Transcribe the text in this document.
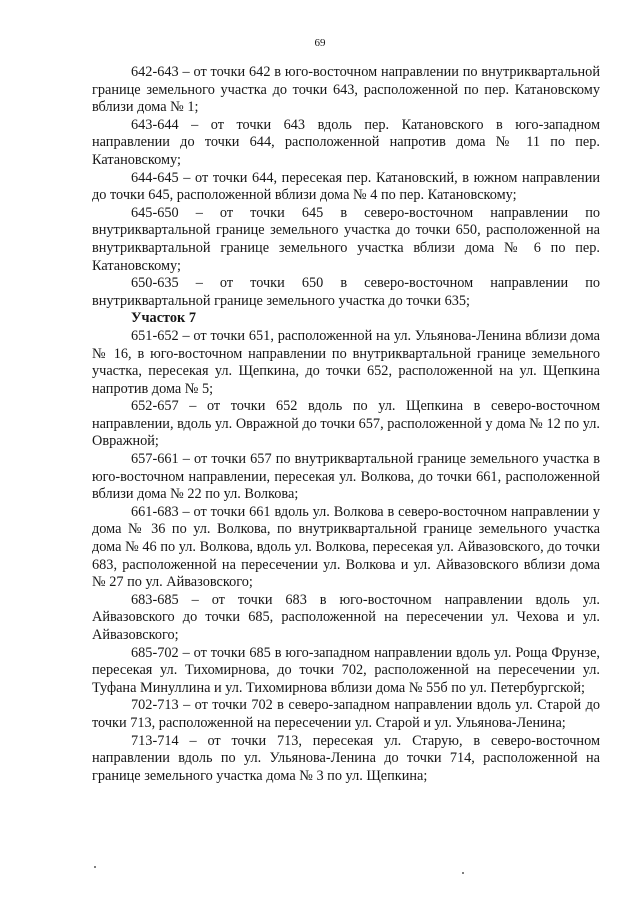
69

642-643 – от точки 642 в юго-восточном направлении по внутриквартальной границе земельного участка до точки 643, расположенной по пер. Катановскому вблизи дома № 1;

643-644 – от точки 643 вдоль пер. Катановского в юго-западном направлении до точки 644, расположенной напротив дома № 11 по пер. Катановскому;

644-645 – от точки 644, пересекая пер. Катановский, в южном направлении до точки 645, расположенной вблизи дома № 4 по пер. Катановскому;

645-650 – от точки 645 в северо-восточном направлении по внутриквартальной границе земельного участка до точки 650, расположенной на внутриквартальной границе земельного участка вблизи дома № 6 по пер. Катановскому;

650-635 – от точки 650 в северо-восточном направлении по внутриквартальной границе земельного участка до точки 635;

Участок 7

651-652 – от точки 651, расположенной на ул. Ульянова-Ленина вблизи дома № 16, в юго-восточном направлении по внутриквартальной границе земельного участка, пересекая ул. Щепкина, до точки 652, расположенной на ул. Щепкина напротив дома № 5;

652-657 – от точки 652 вдоль по ул. Щепкина в северо-восточном направлении, вдоль ул. Овражной до точки 657, расположенной у дома № 12 по ул. Овражной;

657-661 – от точки 657 по внутриквартальной границе земельного участка в юго-восточном направлении, пересекая ул. Волкова, до точки 661, расположенной вблизи дома № 22 по ул. Волкова;

661-683 – от точки 661 вдоль ул. Волкова в северо-восточном направлении у дома № 36 по ул. Волкова, по внутриквартальной границе земельного участка дома № 46 по ул. Волкова, вдоль ул. Волкова, пересекая ул. Айвазовского, до точки 683, расположенной на пересечении ул. Волкова и ул. Айвазовского вблизи дома № 27 по ул. Айвазовского;

683-685 – от точки 683 в юго-восточном направлении вдоль ул. Айвазовского до точки 685, расположенной на пересечении ул. Чехова и ул. Айвазовского;

685-702 – от точки 685 в юго-западном направлении вдоль ул. Роща Фрунзе, пересекая ул. Тихомирнова, до точки 702, расположенной на пересечении ул. Туфана Минуллина и ул. Тихомирнова вблизи дома № 55б по ул. Петербургской;

702-713 – от точки 702 в северо-западном направлении вдоль ул. Старой до точки 713, расположенной на пересечении ул. Старой и ул. Ульянова-Ленина;

713-714 – от точки 713, пересекая ул. Старую, в северо-восточном направлении вдоль по ул. Ульянова-Ленина до точки 714, расположенной на границе земельного участка дома № 3 по ул. Щепкина;
